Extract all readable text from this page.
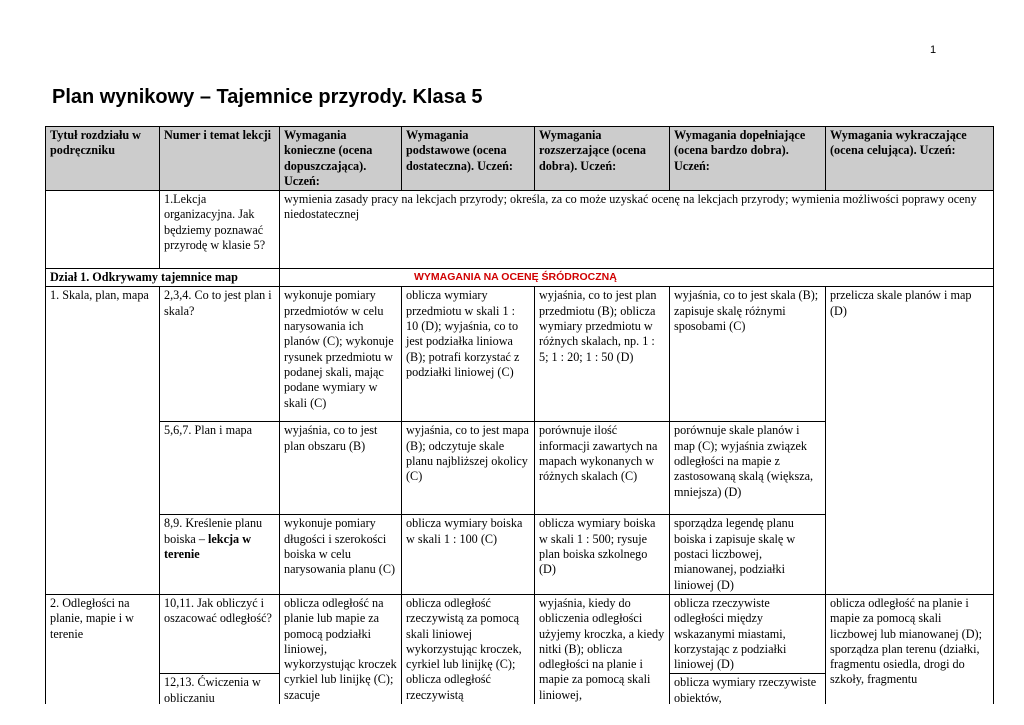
1
Plan wynikowy – Tajemnice przyrody. Klasa 5
Tytuł rozdziału w podręczniku	Numer i temat lekcji	Wymagania konieczne (ocena dopuszczająca). Uczeń:	Wymagania podstawowe (ocena dostateczna). Uczeń:	Wymagania rozszerzające (ocena dobra). Uczeń:	Wymagania dopełniające (ocena bardzo dobra). Uczeń:	Wymagania wykraczające (ocena celująca). Uczeń:
	1.Lekcja organizacyjna. Jak będziemy poznawać przyrodę w klasie 5?	wymienia zasady pracy na lekcjach przyrody; określa, za co może uzyskać ocenę na lekcjach przyrody; wymienia możliwości poprawy oceny niedostatecznej				
Dział 1. Odkrywamy tajemnice map		WYMAGANIA NA OCENĘ ŚRÓDROCZNĄ				
1. Skala, plan, mapa	2,3,4. Co to jest plan i skala?	wykonuje pomiary przedmiotów w celu narysowania ich planów (C); wykonuje rysunek przedmiotu w podanej skali, mając podane wymiary w skali (C)	oblicza wymiary przedmiotu w skali 1 : 10 (D); wyjaśnia, co to jest podziałka liniowa (B); potrafi korzystać z podziałki liniowej (C)	wyjaśnia, co to jest plan przedmiotu (B); oblicza wymiary przedmiotu w różnych skalach, np. 1 : 5; 1 : 20; 1 : 50 (D)	wyjaśnia, co to jest skala (B); zapisuje skalę różnymi sposobami (C)	przelicza skale planów i map (D)
	5,6,7. Plan i mapa	wyjaśnia, co to jest plan obszaru (B)	wyjaśnia, co to jest mapa (B); odczytuje skale planu najbliższej okolicy (C)	porównuje ilość informacji zawartych na mapach wykonanych w różnych skalach (C)	porównuje skale planów i map (C); wyjaśnia związek odległości na mapie z zastosowaną skalą (większa, mniejsza) (D)	
	8,9. Kreślenie planu boiska – lekcja w terenie	wykonuje pomiary długości i szerokości boiska w celu narysowania planu (C)	oblicza wymiary boiska w skali 1 : 100 (C)	oblicza wymiary boiska w skali 1 : 500; rysuje plan boiska szkolnego (D)	sporządza legendę planu boiska i zapisuje skalę w postaci liczbowej, mianowanej, podziałki liniowej (D)	
2. Odległości na planie, mapie i w terenie	10,11. Jak obliczyć i oszacować odległość?	oblicza odległość na planie lub mapie za pomocą podziałki liniowej, wykorzystując kroczek cyrkiel lub linijkę (C); szacuje	oblicza odległość rzeczywistą za pomocą skali liniowej wykorzystując kroczek, cyrkiel lub linijkę (C); oblicza odległość rzeczywistą	wyjaśnia, kiedy do obliczenia odległości użyjemy kroczka, a kiedy nitki (B); oblicza odległości na planie i mapie za pomocą skali liniowej,	oblicza rzeczywiste odległości między wskazanymi miastami, korzystając z podziałki liniowej (D)	oblicza odległość na planie i mapie za pomocą skali liczbowej lub mianowanej (D); sporządza plan terenu (działki, fragmentu osiedla, drogi do szkoły, fragmentu
	12,13. Ćwiczenia w obliczaniu				oblicza wymiary rzeczywiste obiektów,	
